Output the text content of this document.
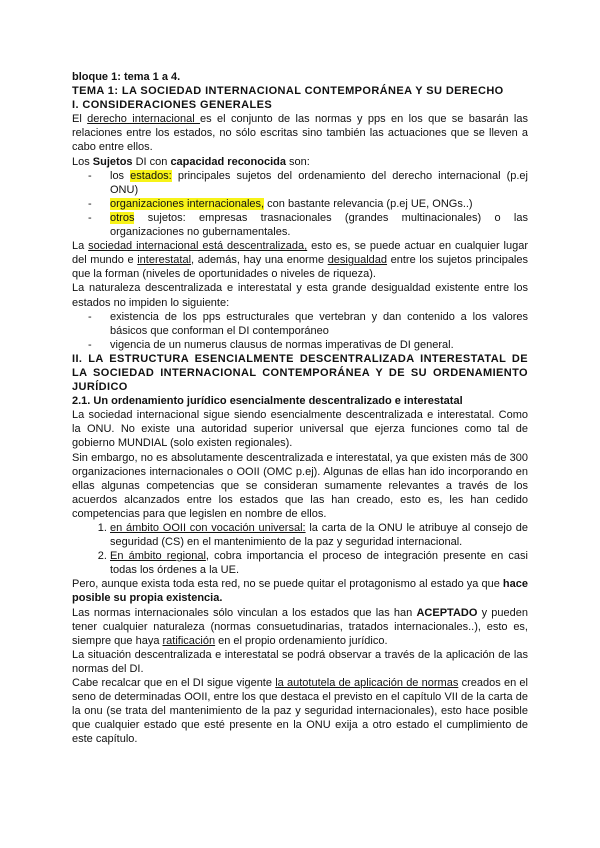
bloque 1: tema 1 a 4.

TEMA 1: LA SOCIEDAD INTERNACIONAL CONTEMPORÁNEA Y SU DERECHO

I. CONSIDERACIONES GENERALES

El derecho internacional es el conjunto de las normas y pps en los que se basarán las relaciones entre los estados, no sólo escritas sino también las actuaciones que se lleven a cabo entre ellos.

Los Sujetos DI con capacidad reconocida son:

- los estados: principales sujetos del ordenamiento del derecho internacional (p.ej ONU)
- organizaciones internacionales, con bastante relevancia (p.ej UE, ONGs..)
- otros sujetos: empresas trasnacionales (grandes multinacionales) o las organizaciones no gubernamentales.

La sociedad internacional está descentralizada, esto es, se puede actuar en cualquier lugar del mundo e interestatal, además, hay una enorme desigualdad entre los sujetos principales que la forman (niveles de oportunidades o niveles de riqueza).

La naturaleza descentralizada e interestatal y esta grande desigualdad existente entre los estados no impiden lo siguiente:

- existencia de los pps estructurales que vertebran y dan contenido a los valores básicos que conforman el DI contemporáneo
- vigencia de un numerus clausus de normas imperativas de DI general.

II. LA ESTRUCTURA ESENCIALMENTE DESCENTRALIZADA INTERESTATAL DE LA SOCIEDAD INTERNACIONAL CONTEMPORÁNEA Y DE SU ORDENAMIENTO JURÍDICO

2.1. Un ordenamiento jurídico esencialmente descentralizado e interestatal

La sociedad internacional sigue siendo esencialmente descentralizada e interestatal. Como la ONU. No existe una autoridad superior universal que ejerza funciones como tal de gobierno MUNDIAL (solo existen regionales).

Sin embargo, no es absolutamente descentralizada e interestatal, ya que existen más de 300 organizaciones internacionales o OOII (OMC p.ej). Algunas de ellas han ido incorporando en ellas algunas competencias que se consideran sumamente relevantes a través de los acuerdos alcanzados entre los estados que las han creado, esto es, les han cedido competencias para que legislen en nombre de ellos.

1. en ámbito OOII con vocación universal: la carta de la ONU le atribuye al consejo de seguridad (CS) en el mantenimiento de la paz y seguridad internacional.
2. En ámbito regional, cobra importancia el proceso de integración presente en casi todas los órdenes a la UE.

Pero, aunque exista toda esta red, no se puede quitar el protagonismo al estado ya que hace posible su propia existencia.

Las normas internacionales sólo vinculan a los estados que las han ACEPTADO y pueden tener cualquier naturaleza (normas consuetudinarias, tratados internacionales..), esto es, siempre que haya ratificación en el propio ordenamiento jurídico.

La situación descentralizada e interestatal se podrá observar a través de la aplicación de las normas del DI.

Cabe recalcar que en el DI sigue vigente la autotutela de aplicación de normas creados en el seno de determinadas OOII, entre los que destaca el previsto en el capítulo VII de la carta de la onu (se trata del mantenimiento de la paz y seguridad internacionales), esto hace posible que cualquier estado que esté presente en la ONU exija a otro estado el cumplimiento de este capítulo.
